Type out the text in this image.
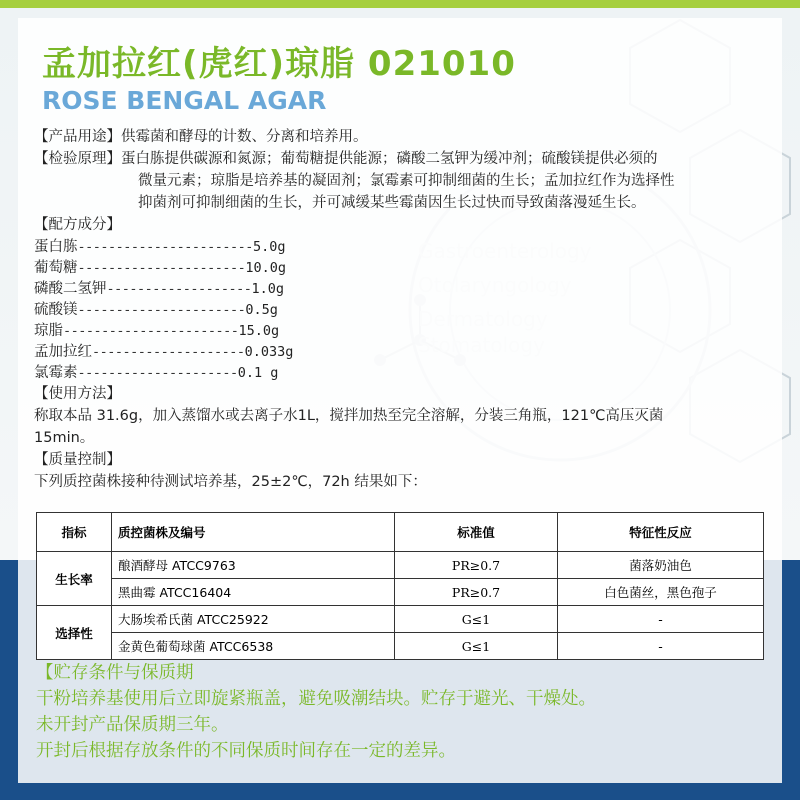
孟加拉红(虎红)琼脂 021010
ROSE BENGAL AGAR
【产品用途】 供霉菌和酵母的计数、分离和培养用。
【检验原理】 蛋白胨提供碳源和氮源；葡萄糖提供能源；磷酸二氢钾为缓冲剂；硫酸镁提供必须的
微量元素；琼脂是培养基的凝固剂；氯霉素可抑制细菌的生长；孟加拉红作为选择性
抑菌剂可抑制细菌的生长，并可减缓某些霉菌因生长过快而导致菌落漫延生长。
【配方成分】
蛋白胨 ----------------------- 5.0g
葡萄糖 ---------------------- 10.0g
磷酸二氢钾 ------------------- 1.0g
硫酸镁 ---------------------- 0.5g
琼脂 ----------------------- 15.0g
孟加拉红 -------------------- 0.033g
氯霉素 --------------------- 0.1 g
【使用方法】
称取本品 31.6g，加入蒸馏水或去离子水1L，搅拌加热至完全溶解，分装三角瓶，121℃高压灭菌
15min。
【质量控制】
下列质控菌株接种待测试培养基，25±2℃，72h 结果如下：
指标	质控菌株及编号	标准值	特征性反应
生长率	酿酒酵母 ATCC9763	PR≥0.7	菌落奶油色
	黑曲霉 ATCC16404	PR≥0.7	白色菌丝，黑色孢子
选择性	大肠埃希氏菌 ATCC25922	G≤1	-
	金黄色葡萄球菌 ATCC6538	G≤1	-
【贮存条件与保质期
干粉培养基使用后立即旋紧瓶盖，避免吸潮结块。贮存于避光、干燥处。
未开封产品保质期三年。
开封后根据存放条件的不同保质时间存在一定的差异。
